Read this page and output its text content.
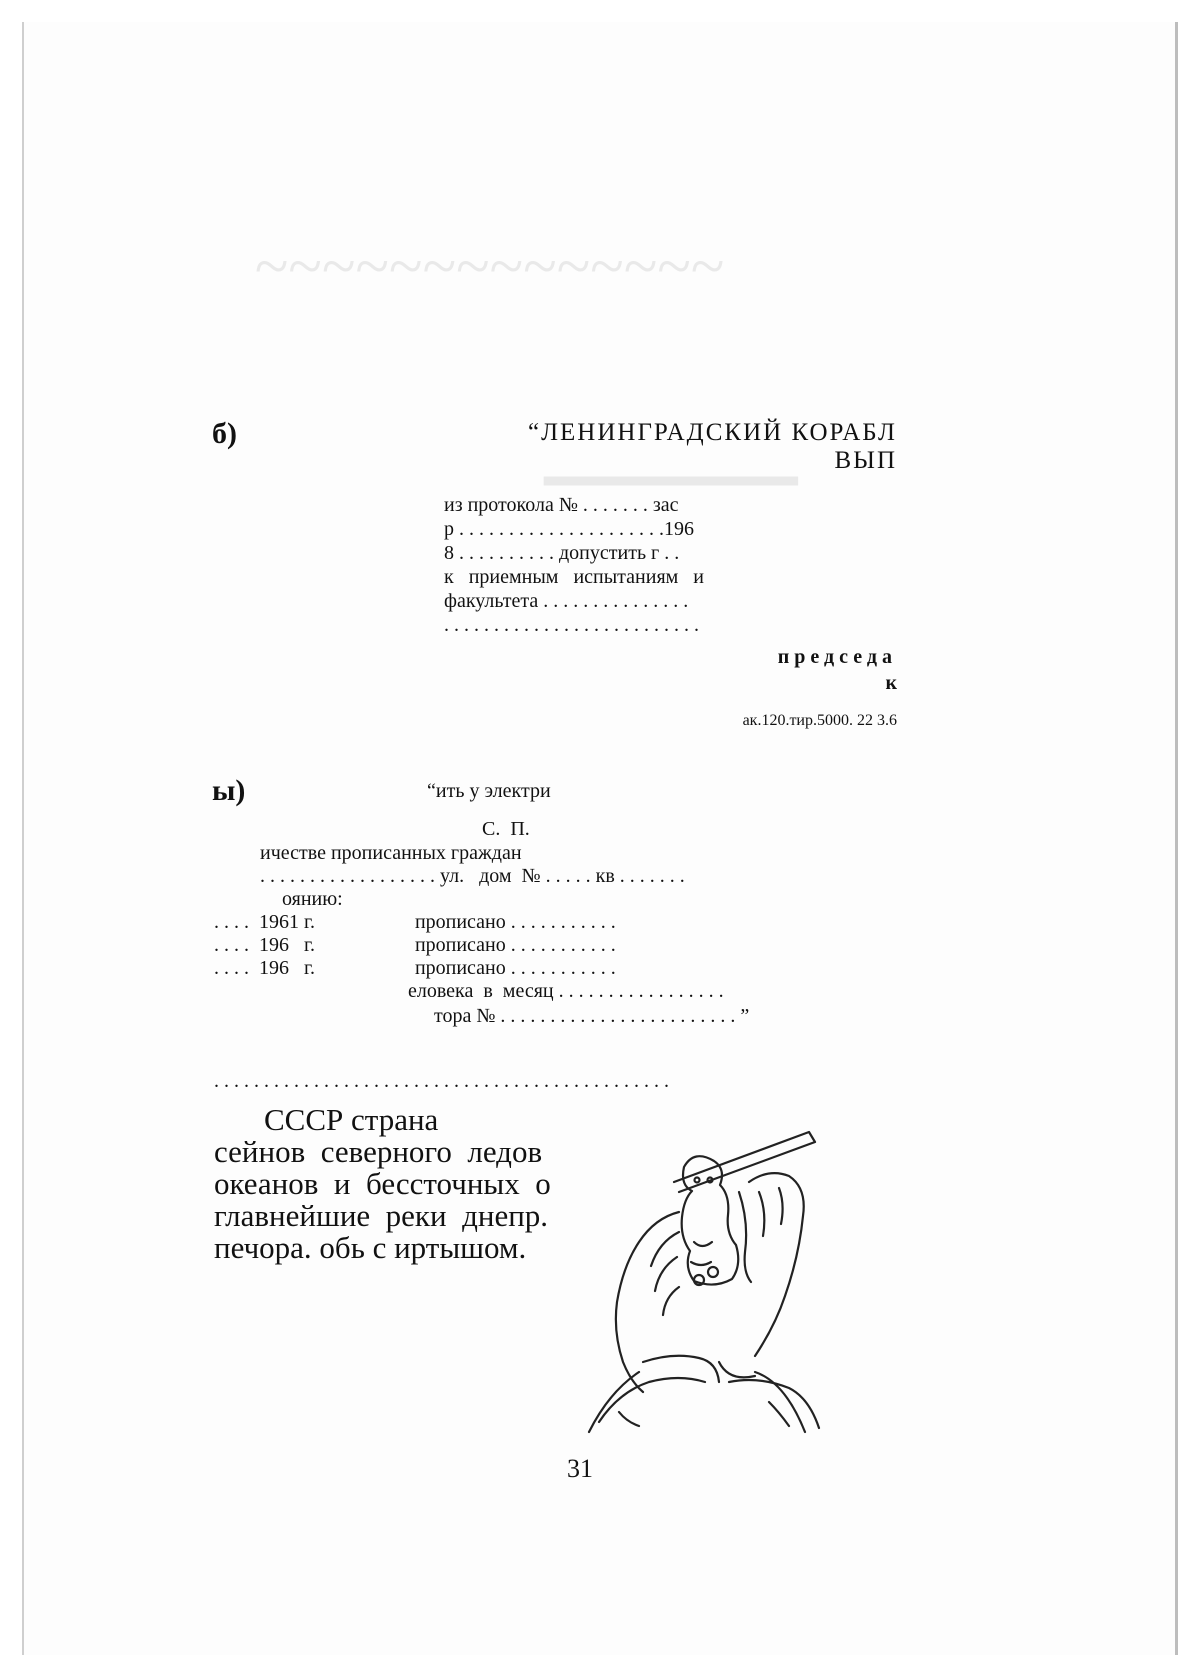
~~~~~~~~~~~~~~
▂▂▂▂▂▂▂▂▂▂▂
б)	“ЛЕНИНГРАДСКИЙ КОРАБЛ
ВЫП
из протокола № . . . . . . . зас
р . . . . . . . . . . . . . . . . . . . . .196
8 . . . . . . . . . . допустить г . .
к   приемным   испытаниям   и
факультета . . . . . . . . . . . . . . .
. . . . . . . . . . . . . . . . . . . . . . . . . .
председа
к
ак.120.тир.5000. 22 3.6
ы)	“ить у электри
С.  П.
ичестве прописанных граждан
. . . . . . . . . . . . . . . . . . ул.   дом  № . . . . . кв . . . . . . .
оянию:
. . . .  1961 г.                    прописано . . . . . . . . . . .
. . . .  196   г.                    прописано . . . . . . . . . . .
. . . .  196   г.                    прописано . . . . . . . . . . .
еловека  в  месяц . . . . . . . . . . . . . . . . .
тора № . . . . . . . . . . . . . . . . . . . . . . . . ”
. . . . . . . . . . . . . . . . . . . . . . . . . . . . . . . . . . . . . . . . . . . . . .
СССР страна
сейнов  северного  ледов
океанов  и  бессточных  о
главнейшие  реки  днепр.
печора. обь с иртышом.
31
